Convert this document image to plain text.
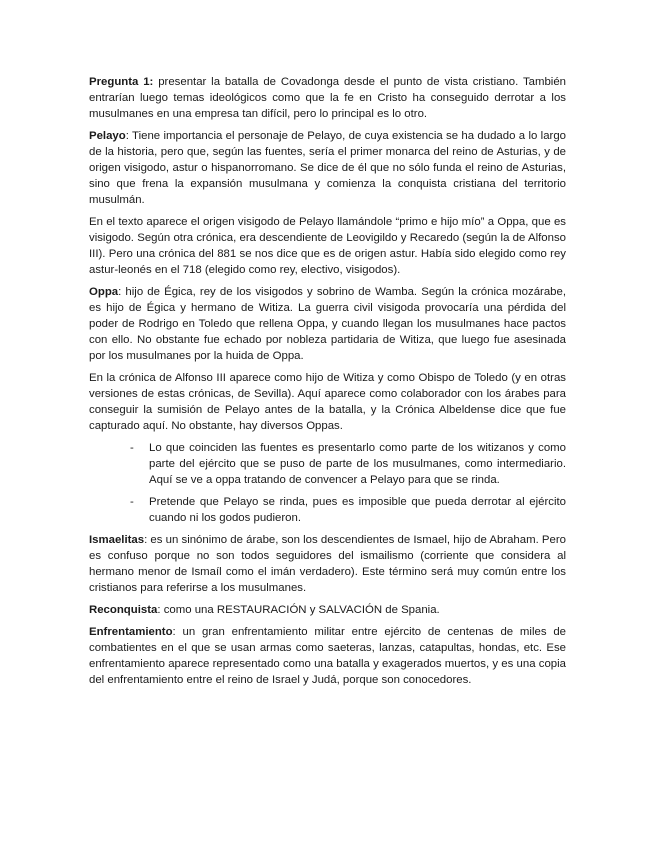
Pregunta 1: presentar la batalla de Covadonga desde el punto de vista cristiano. También entrarían luego temas ideológicos como que la fe en Cristo ha conseguido derrotar a los musulmanes en una empresa tan difícil, pero lo principal es lo otro.

Pelayo: Tiene importancia el personaje de Pelayo, de cuya existencia se ha dudado a lo largo de la historia, pero que, según las fuentes, sería el primer monarca del reino de Asturias, y de origen visigodo, astur o hispanorromano. Se dice de él que no sólo funda el reino de Asturias, sino que frena la expansión musulmana y comienza la conquista cristiana del territorio musulmán.

En el texto aparece el origen visigodo de Pelayo llamándole “primo e hijo mío” a Oppa, que es visigodo. Según otra crónica, era descendiente de Leovigildo y Recaredo (según la de Alfonso III). Pero una crónica del 881 se nos dice que es de origen astur. Había sido elegido como rey astur-leonés en el 718 (elegido como rey, electivo, visigodos).

Oppa: hijo de Égica, rey de los visigodos y sobrino de Wamba. Según la crónica mozárabe, es hijo de Égica y hermano de Witiza. La guerra civil visigoda provocaría una pérdida del poder de Rodrigo en Toledo que rellena Oppa, y cuando llegan los musulmanes hace pactos con ello. No obstante fue echado por nobleza partidaria de Witiza, que luego fue asesinada por los musulmanes por la huida de Oppa.

En la crónica de Alfonso III aparece como hijo de Witiza y como Obispo de Toledo (y en otras versiones de estas crónicas, de Sevilla). Aquí aparece como colaborador con los árabes para conseguir la sumisión de Pelayo antes de la batalla, y la Crónica Albeldense dice que fue capturado aquí. No obstante, hay diversos Oppas.

- Lo que coinciden las fuentes es presentarlo como parte de los witizanos y como parte del ejército que se puso de parte de los musulmanes, como intermediario. Aquí se ve a oppa tratando de convencer a Pelayo para que se rinda.
- Pretende que Pelayo se rinda, pues es imposible que pueda derrotar al ejército cuando ni los godos pudieron.

Ismaelitas: es un sinónimo de árabe, son los descendientes de Ismael, hijo de Abraham. Pero es confuso porque no son todos seguidores del ismailismo (corriente que considera al hermano menor de Ismaíl como el imán verdadero). Este término será muy común entre los cristianos para referirse a los musulmanes.

Reconquista: como una RESTAURACIÓN y SALVACIÓN de Spania.

Enfrentamiento: un gran enfrentamiento militar entre ejército de centenas de miles de combatientes en el que se usan armas como saeteras, lanzas, catapultas, hondas, etc. Ese enfrentamiento aparece representado como una batalla y exagerados muertos, y es una copia del enfrentamiento entre el reino de Israel y Judá, porque son conocedores.
